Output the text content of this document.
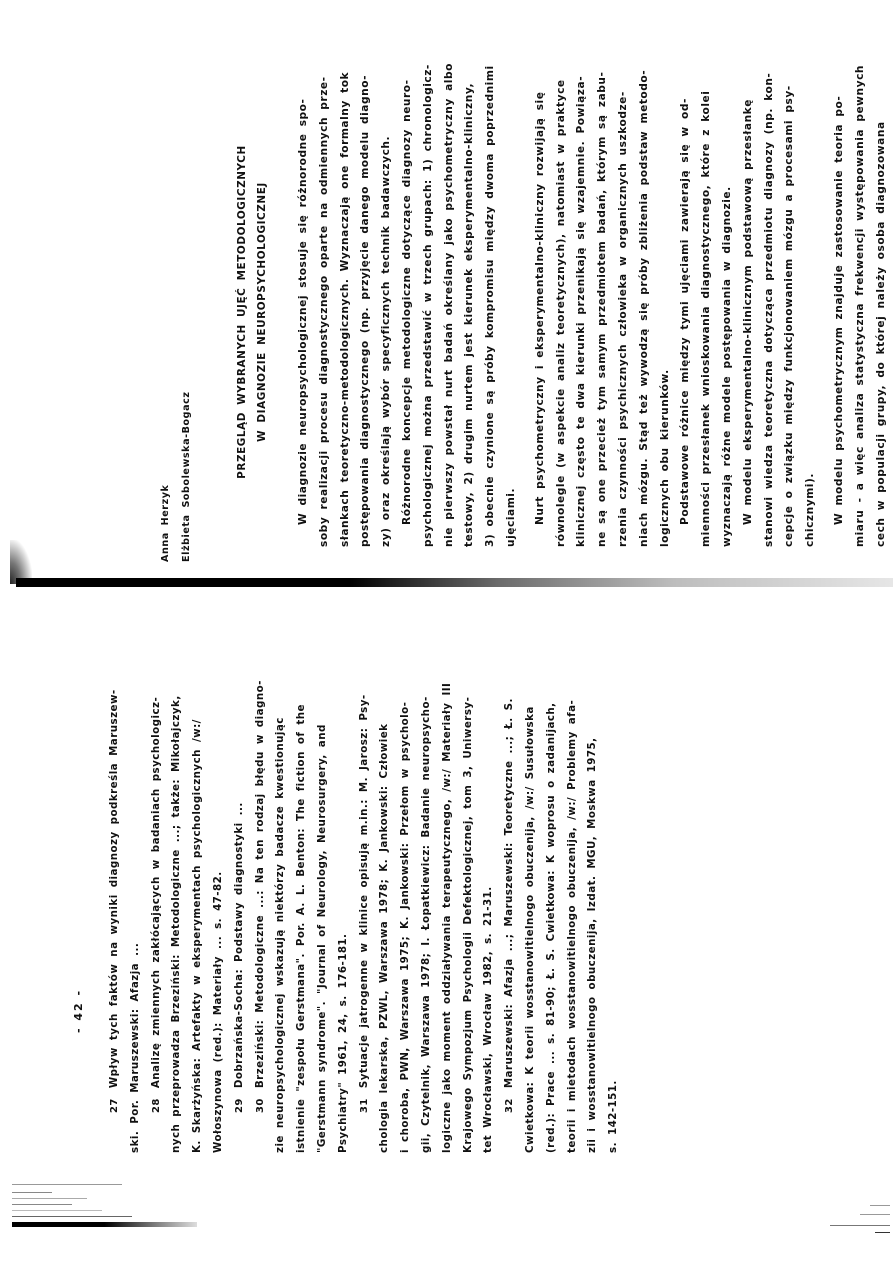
Anna Herzyk	Elżbieta Sobolewska-Bogacz	PRZEGLĄD WYBRANYCH UJĘĆ METODOLOGICZNYCH W DIAGNOZIE NEUROPSYCHOLOGICZNEJ	W diagnozie neuropsychologicznej stosuje się różnorodne spo- soby realizacji procesu diagnostycznego oparte na odmiennych prze- słankach teoretyczno-metodologicznych. Wyznaczają one formalny tok postępowania diagnostycznego (np. przyjęcie danego modelu diagno- zy) oraz określają wybór specyficznych technik badawczych. Różnorodne koncepcje metodologiczne dotyczące diagnozy neuro- psychologicznej można przedstawić w trzech grupach: 1) chronologicz- nie pierwszy powstał nurt badań określany jako psychometryczny albo testowy, 2) drugim nurtem jest kierunek eksperymentalno-kliniczny, 3) obecnie czynione są próby kompromisu między dwoma poprzednimi ujęciami.	Nurt psychometryczny i eksperymentalno-kliniczny rozwijają się równolegle (w aspekcie analiz teoretycznych), natomiast w praktyce klinicznej często te dwa kierunki przenikają się wzajemnie. Powiąza- ne są one przecież tym samym przedmiotem badań, którym są zabu- rzenia czynności psychicznych człowieka w organicznych uszkodze- niach mózgu. Stąd też wywodzą się próby zbliżenia podstaw metodo- logicznych obu kierunków. Podstawowe różnice między tymi ujęciami zawierają się w od- mienności przesłanek wnioskowania diagnostycznego, które z kolei wyznaczają różne modele postępowania w diagnozie. W modelu eksperymentalno-klinicznym podstawową przesłankę stanowi wiedza teoretyczna dotycząca przedmiotu diagnozy (np. kon- cepcje o związku między funkcjonowaniem mózgu a procesami psy- chicznymi).	W modelu psychometrycznym znajduje zastosowanie teoria po- miaru - a więc analiza statystyczna frekwencji występowania pewnych cech w populacji grupy, do której należy osoba diagnozowana
- 42 -
27Wpływ tych faktów na wyniki diagnozy podkreśla Maruszew- ski. Por. Maruszewski: Afazja ... 28Analizę zmiennych zakłócających w badaniach psychologicz- nych przeprowadza Brzeziński: Metodologiczne ...; także: Mikołajczyk, K. Skarżyńska: Artefakty w eksperymentach psychologicznych /w:/ Wołoszynowa (red.): Materiały ... s. 47-82. 29Dobrzańska-Socha: Podstawy diagnostyki ...
30Brzeziński: Metodologiczne ...: Na ten rodzaj błędu w diagno- zie neuropsychologicznej wskazują niektórzy badacze kwestionując istnienie "zespołu Gerstmana". Por. A. L. Benton: The fiction of the "Gerstmann syndrome". "Journal of Neurology, Neurosurgery, and Psychiatry" 1961, 24, s. 176-181. 31Sytuacje jatrogenne w klinice opisują m.in.: M. Jarosz: Psy- chologia lekarska, PZWL, Warszawa 1978; K. Jankowski: Człowiek i choroba, PWN, Warszawa 1975; K. Jankowski: Przełom w psycholo- gii, Czytelnik, Warszawa 1978; I. Łopatkiewicz: Badanie neuropsycho- logiczne jako moment oddziaływania terapeutycznego, /w:/ Materiały III Krajowego Sympozjum Psychologii Defektologicznej, tom 3, Uniwersy- tet Wrocławski, Wrocław 1982, s. 21-31. 32Maruszewski: Afazja ...; Maruszewski: Teoretyczne ...; Ł. S. Cwietkowa: K teorii wosstanowitielnogo obuczenija, /w:/ Susułowska (red.): Prace ... s. 81-90; Ł. S. Cwietkowa: K woprosu o zadanijach, teorii i mietodach wosstanowitielnogo obuczenija, /w:/ Problemy afa- zii i wosstanowitielnogo obuczenija, Izdat. MGU, Moskwa 1975, s. 142-151.
